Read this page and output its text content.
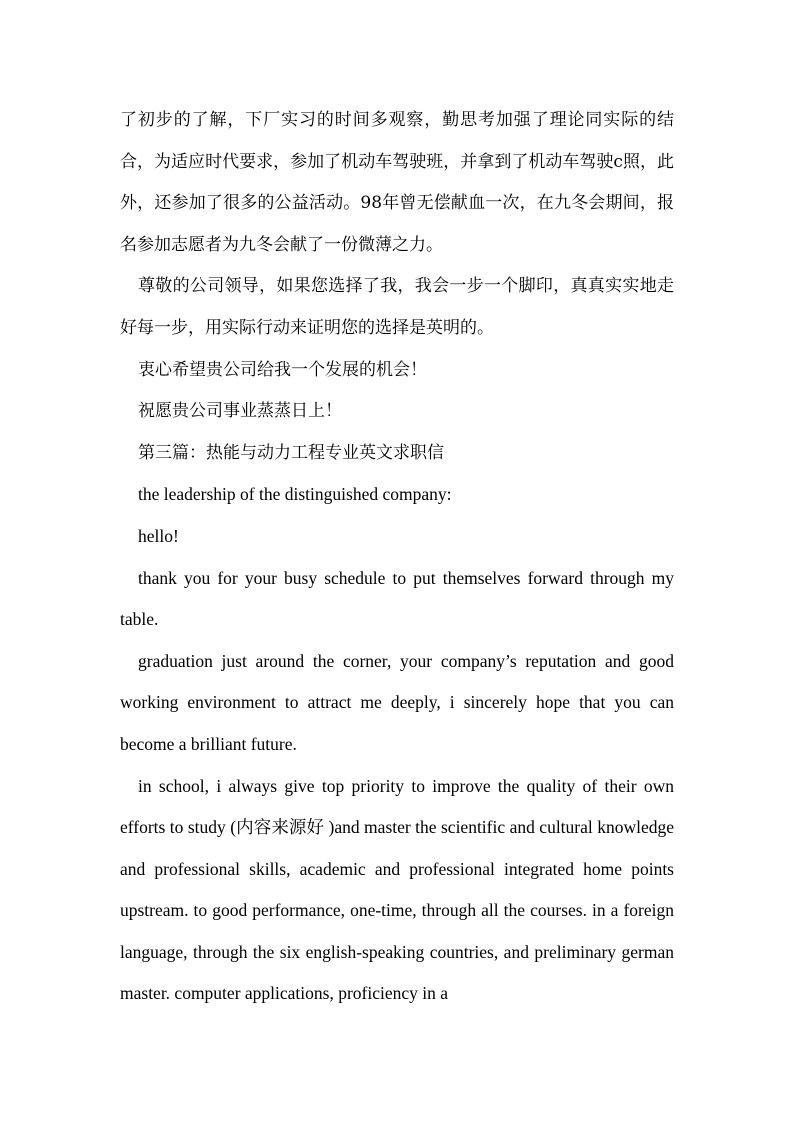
了初步的了解，下厂实习的时间多观察，勤思考加强了理论同实际的结合，为适应时代要求，参加了机动车驾驶班，并拿到了机动车驾驶c照，此外，还参加了很多的公益活动。98年曾无偿献血一次，在九冬会期间，报名参加志愿者为九冬会献了一份微薄之力。

尊敬的公司领导，如果您选择了我，我会一步一个脚印，真真实实地走好每一步，用实际行动来证明您的选择是英明的。

衷心希望贵公司给我一个发展的机会！

祝愿贵公司事业蒸蒸日上！

第三篇：热能与动力工程专业英文求职信

the leadership of the distinguished company:

hello!

thank you for your busy schedule to put themselves forward through my table.

graduation just around the corner, your company’s reputation and good working environment to attract me deeply, i sincerely hope that you can become a brilliant future.

in school, i always give top priority to improve the quality of their own efforts to study (内容来源好 )and master the scientific and cultural knowledge and professional skills, academic and professional integrated home points upstream. to good performance, one-time, through all the courses. in a foreign language, through the six english-speaking countries, and preliminary german master. computer applications, proficiency in a
